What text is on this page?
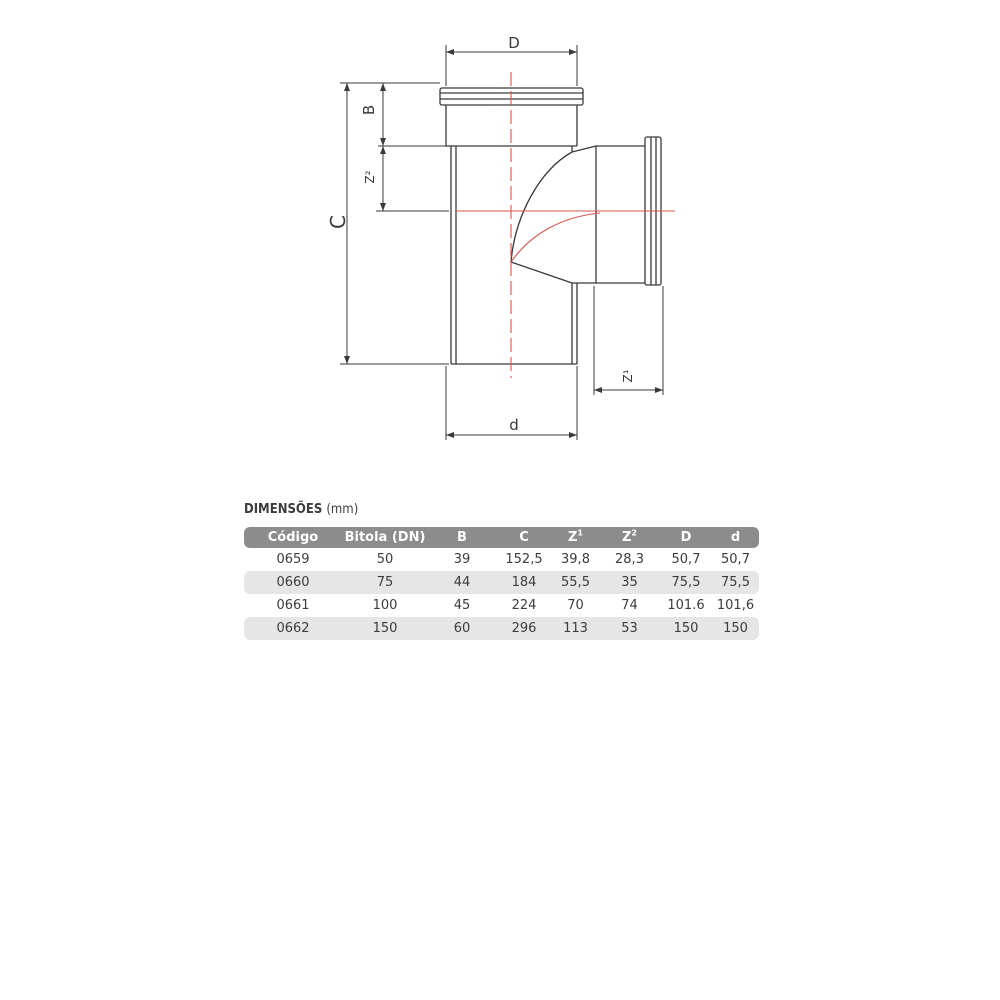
D
d
C
B
Z²
Z¹
DIMENSÕES (mm)
Código	Bitola (DN)	B	C	$Z^1$	$Z^2$	D	d
0659	50	39	152,5	39,8	28,3	50,7	50,7
0660	75	44	184	55,5	35	75,5	75,5
0661	100	45	224	70	74	101.6	101,6
0662	150	60	296	113	53	150	150
